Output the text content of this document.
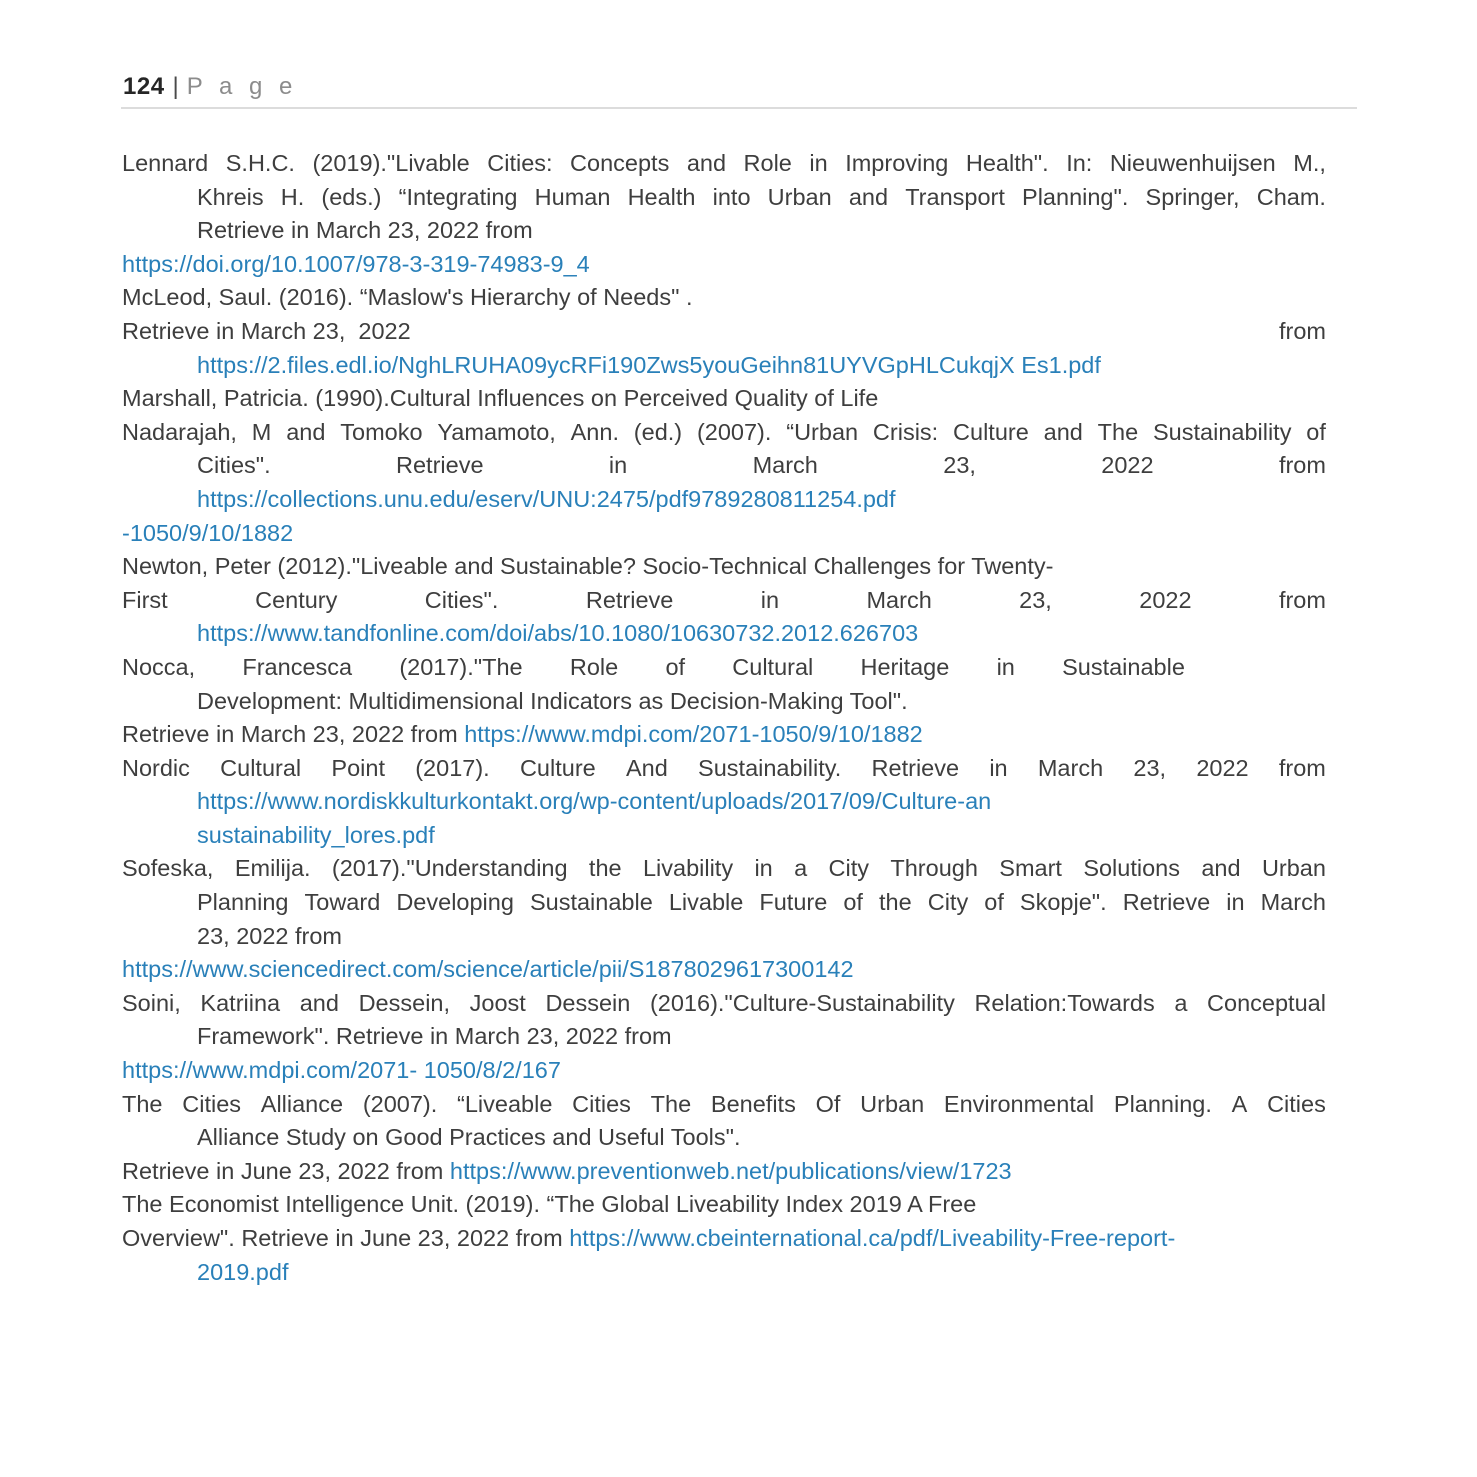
124 | P a g e
Lennard S.H.C. (2019)."Livable Cities: Concepts and Role in Improving Health". In: Nieuwenhuijsen M.,
Khreis H. (eds.) “Integrating Human Health into Urban and Transport Planning". Springer, Cham.
Retrieve in March 23, 2022 from
https://doi.org/10.1007/978-3-319-74983-9_4
McLeod, Saul. (2016). “Maslow's Hierarchy of Needs" .
Retrieve in March 23,  2022	from
https://2.files.edl.io/NghLRUHA09ycRFi190Zws5youGeihn81UYVGpHLCukqjX Es1.pdf
Marshall, Patricia. (1990).Cultural Influences on Perceived Quality of Life
Nadarajah, M and Tomoko Yamamoto, Ann. (ed.) (2007). “Urban Crisis: Culture and The Sustainability of
Cities".	Retrieve	in	March	23,	2022	from
https://collections.unu.edu/eserv/UNU:2475/pdf9789280811254.pdf
-1050/9/10/1882
Newton, Peter (2012)."Liveable and Sustainable? Socio-Technical Challenges for Twenty-
First	Century	Cities".	Retrieve	in	March	23,	2022	from
https://www.tandfonline.com/doi/abs/10.1080/10630732.2012.626703
Nocca, Francesca (2017)."The Role of Cultural Heritage in Sustainable
Development: Multidimensional Indicators as Decision-Making Tool".
Retrieve in March 23, 2022 from https://www.mdpi.com/2071-1050/9/10/1882
Nordic Cultural Point (2017). Culture And Sustainability. Retrieve in March 23, 2022 from
https://www.nordiskkulturkontakt.org/wp-content/uploads/2017/09/Culture-an
sustainability_lores.pdf
Sofeska, Emilija. (2017)."Understanding the Livability in a City Through Smart Solutions and Urban
Planning Toward Developing Sustainable Livable Future of the City of Skopje". Retrieve in March
23, 2022 from
https://www.sciencedirect.com/science/article/pii/S1878029617300142
Soini, Katriina and Dessein, Joost Dessein (2016)."Culture-Sustainability Relation:Towards a Conceptual
Framework". Retrieve in March 23, 2022 from
https://www.mdpi.com/2071- 1050/8/2/167
The Cities Alliance (2007). “Liveable Cities The Benefits Of Urban Environmental Planning. A Cities
Alliance Study on Good Practices and Useful Tools".
Retrieve in June 23, 2022 from https://www.preventionweb.net/publications/view/1723
The Economist Intelligence Unit. (2019). “The Global Liveability Index 2019 A Free
Overview". Retrieve in June 23, 2022 from https://www.cbeinternational.ca/pdf/Liveability-Free-report-
2019.pdf
